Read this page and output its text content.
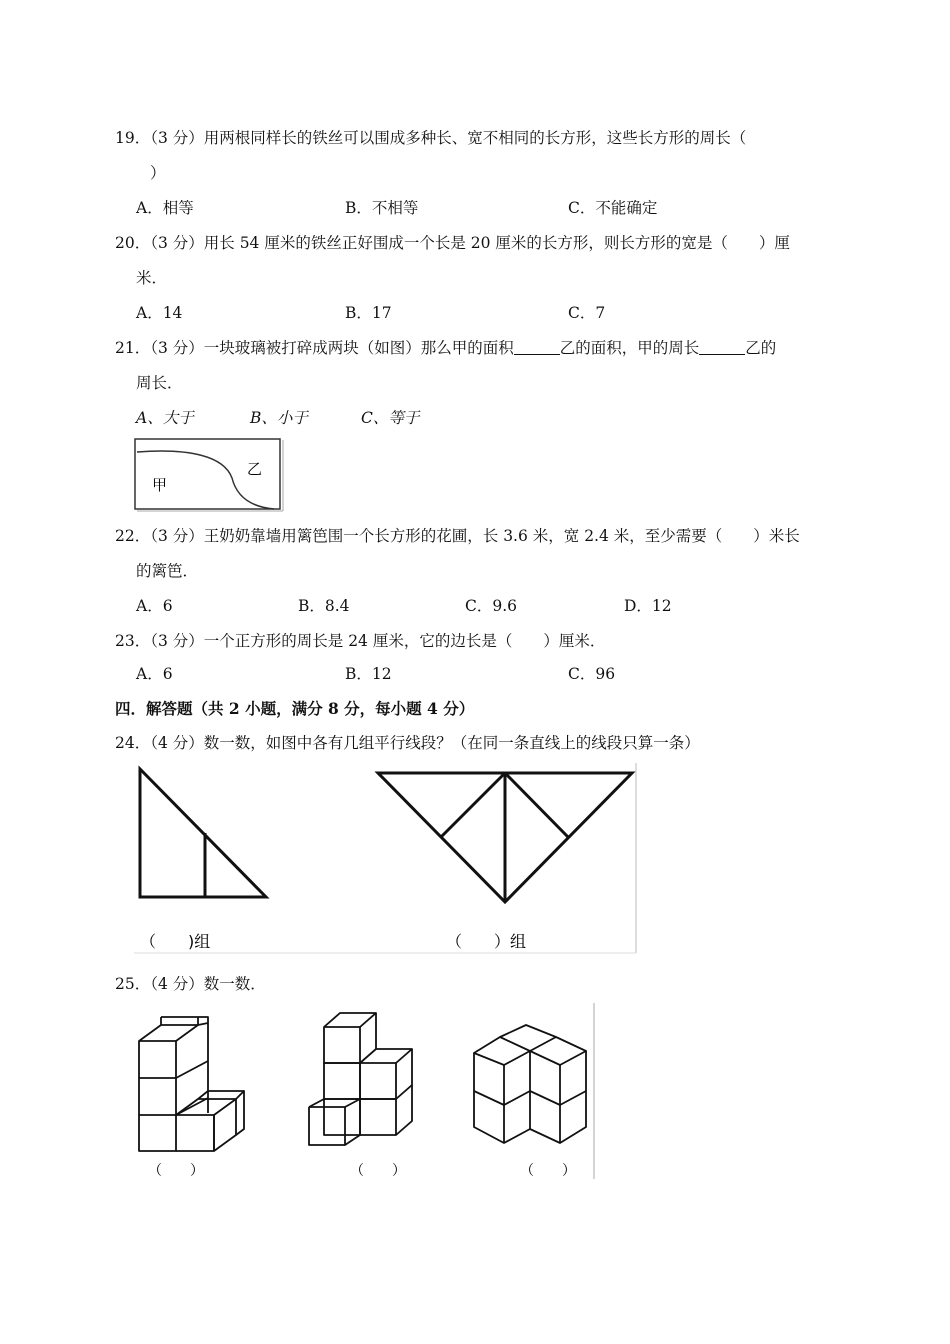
19．（3 分）用两根同样长的铁丝可以围成多种长、宽不相同的长方形，这些长方形的周长（
）
A．相等	B．不相等	C．不能确定
20．（3 分）用长 54 厘米的铁丝正好围成一个长是 20 厘米的长方形，则长方形的宽是（　　）厘
米．
A．14	B．17	C．7
21．（3 分）一块玻璃被打碎成两块（如图）那么甲的面积	乙的面积，甲的周长	乙的
周长．
A、大于	B、小于	C、等于
甲
乙
22．（3 分）王奶奶靠墙用篱笆围一个长方形的花圃，长 3.6 米，宽 2.4 米，至少需要（　　）米长
的篱笆．
A．6	B．8.4	C．9.6	D．12
23．（3 分）一个正方形的周长是 24 厘米，它的边长是（　　）厘米．
A．6	B．12	C．96
四．解答题（共 2 小题，满分 8 分，每小题 4 分）
24．（4 分）数一数，如图中各有几组平行线段？（在同一条直线上的线段只算一条）
（　　)组	（　　）组
25．（4 分）数一数．
（　　）	（　　）	（　　）
